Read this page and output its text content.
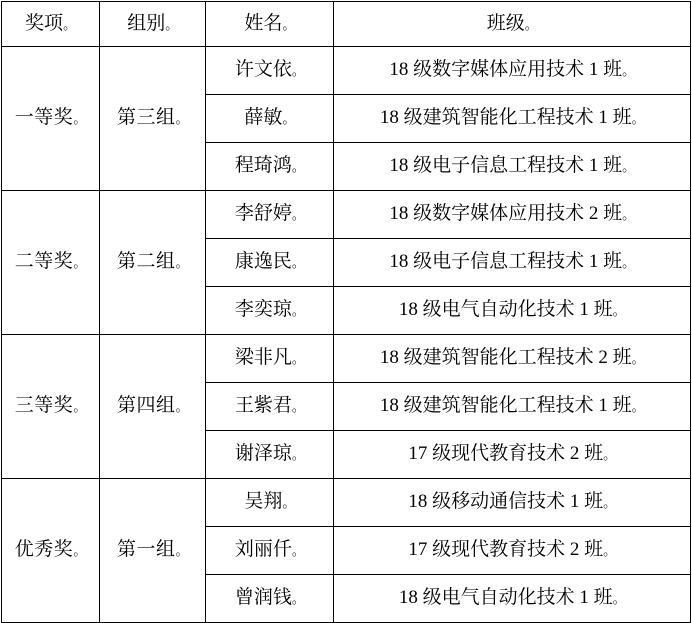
奖项。	组别。	姓名。	班级。

一等奖。	第三组。	许文依。	18 级数字媒体应用技术 1 班。

		薛敏。	18 级建筑智能化工程技术 1 班。

		程琦鸿。	18 级电子信息工程技术 1 班。

二等奖。	第二组。	李舒婷。	18 级数字媒体应用技术 2 班。

		康逸民。	18 级电子信息工程技术 1 班。

		李奕琼。	18 级电气自动化技术 1 班。

三等奖。	第四组。	梁非凡。	18 级建筑智能化工程技术 2 班。

		王紫君。	18 级建筑智能化工程技术 1 班。

		谢泽琼。	17 级现代教育技术 2 班。

优秀奖。	第一组。	吴翔。	18 级移动通信技术 1 班。

		刘丽仟。	17 级现代教育技术 2 班。

		曾润钱。	18 级电气自动化技术 1 班。
